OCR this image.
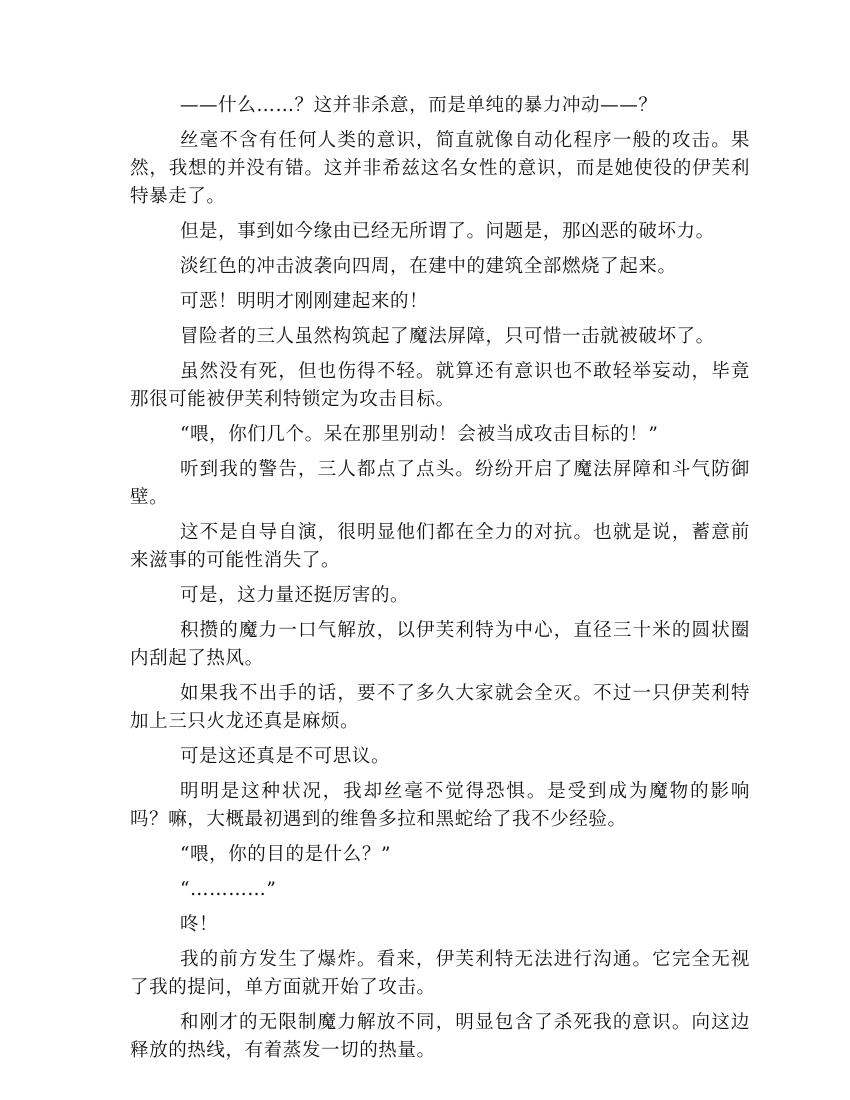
——什么……？这并非杀意，而是单纯的暴力冲动——？

丝毫不含有任何人类的意识，简直就像自动化程序一般的攻击。果然，我想的并没有错。这并非希兹这名女性的意识，而是她使役的伊芙利特暴走了。

但是，事到如今缘由已经无所谓了。问题是，那凶恶的破坏力。

淡红色的冲击波袭向四周，在建中的建筑全部燃烧了起来。

可恶！明明才刚刚建起来的！

冒险者的三人虽然构筑起了魔法屏障，只可惜一击就被破坏了。

虽然没有死，但也伤得不轻。就算还有意识也不敢轻举妄动，毕竟那很可能被伊芙利特锁定为攻击目标。

“喂，你们几个。呆在那里别动！会被当成攻击目标的！”

听到我的警告，三人都点了点头。纷纷开启了魔法屏障和斗气防御壁。

这不是自导自演，很明显他们都在全力的对抗。也就是说，蓄意前来滋事的可能性消失了。

可是，这力量还挺厉害的。

积攒的魔力一口气解放，以伊芙利特为中心，直径三十米的圆状圈内刮起了热风。

如果我不出手的话，要不了多久大家就会全灭。不过一只伊芙利特加上三只火龙还真是麻烦。

可是这还真是不可思议。

明明是这种状况，我却丝毫不觉得恐惧。是受到成为魔物的影响吗？嘛，大概最初遇到的维鲁多拉和黑蛇给了我不少经验。

“喂，你的目的是什么？”

“…………”

咚！

我的前方发生了爆炸。看来，伊芙利特无法进行沟通。它完全无视了我的提问，单方面就开始了攻击。

和刚才的无限制魔力解放不同，明显包含了杀死我的意识。向这边释放的热线，有着蒸发一切的热量。
